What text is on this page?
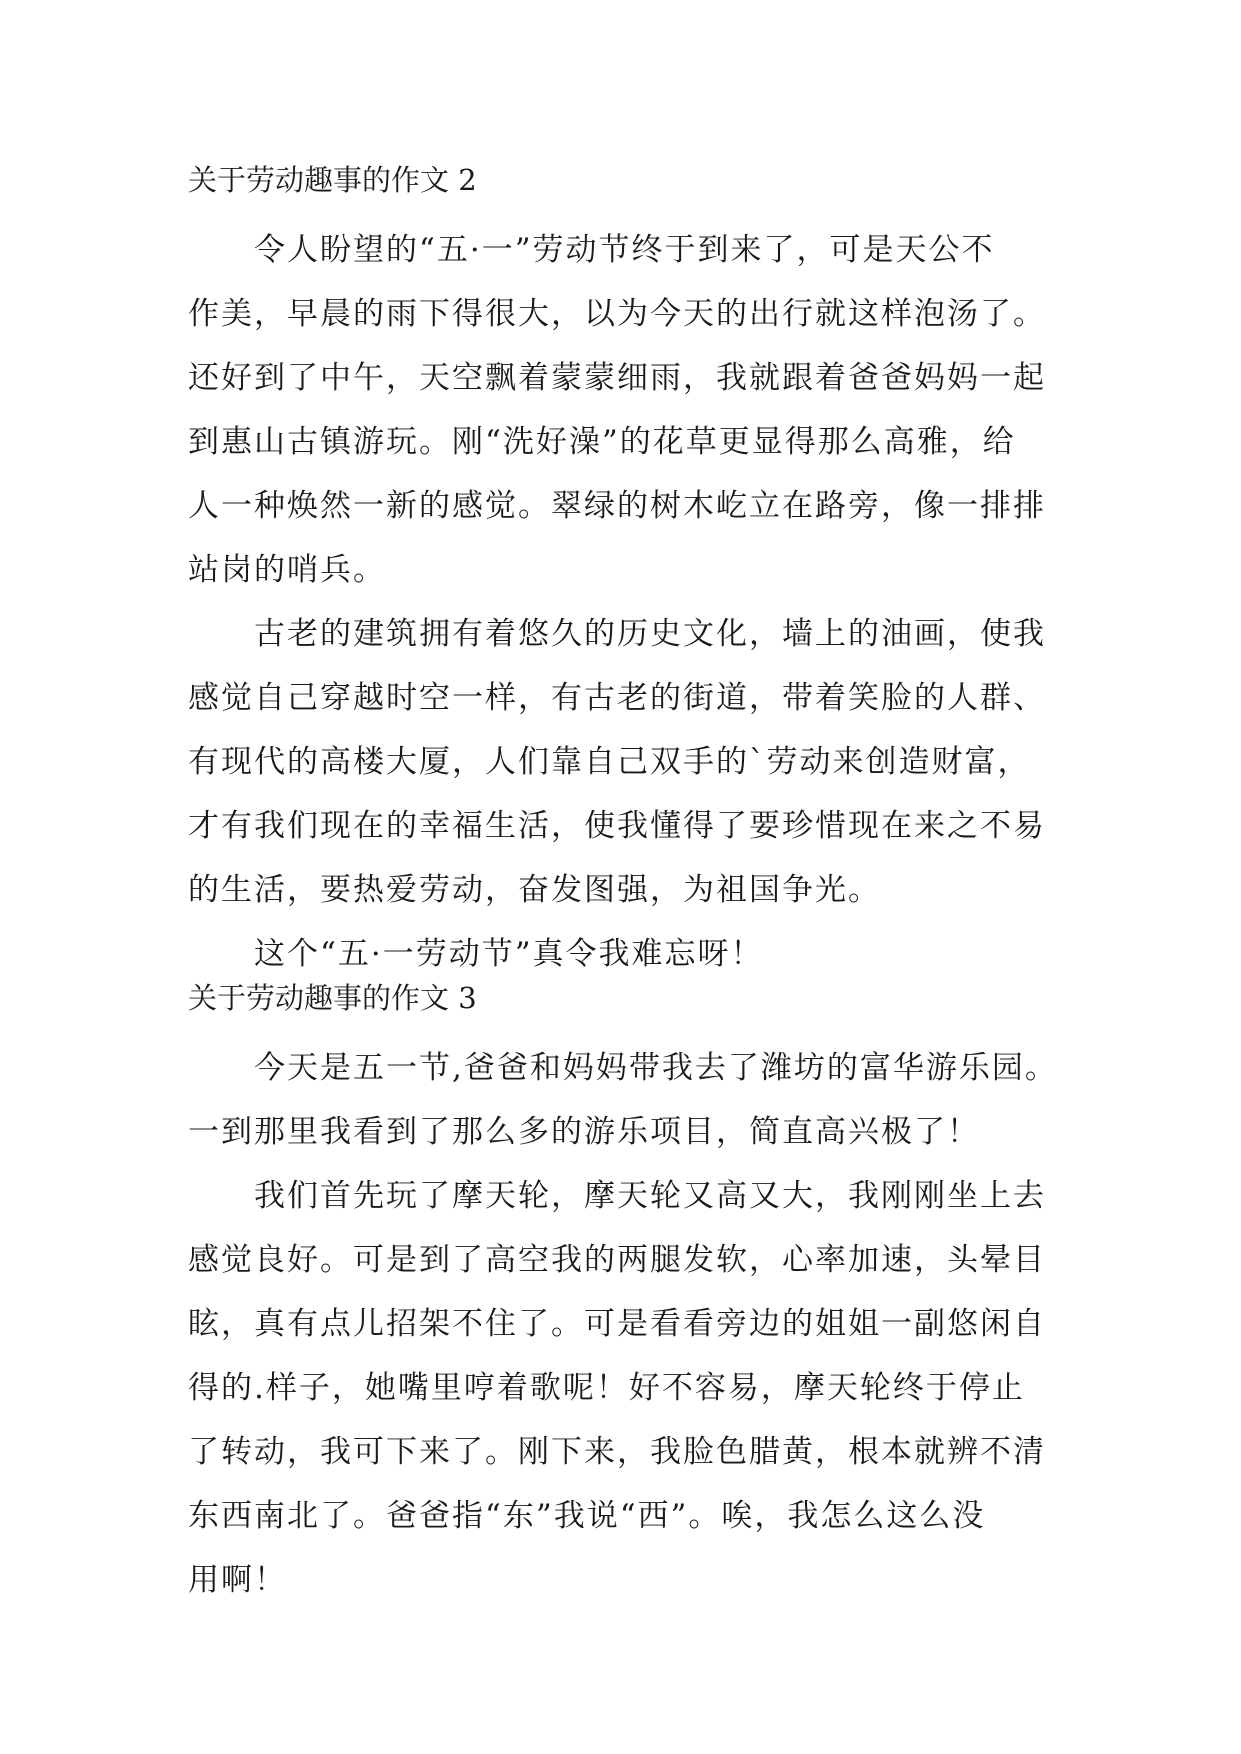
关于劳动趣事的作文 2

令人盼望的“五·一”劳动节终于到来了，可是天公不
作美，早晨的雨下得很大，以为今天的出行就这样泡汤了。
还好到了中午，天空飘着蒙蒙细雨，我就跟着爸爸妈妈一起
到惠山古镇游玩。刚“洗好澡”的花草更显得那么高雅，给
人一种焕然一新的感觉。翠绿的树木屹立在路旁，像一排排
站岗的哨兵。

古老的建筑拥有着悠久的历史文化，墙上的油画，使我
感觉自己穿越时空一样，有古老的街道，带着笑脸的人群、
有现代的高楼大厦，人们靠自己双手的`劳动来创造财富，
才有我们现在的幸福生活，使我懂得了要珍惜现在来之不易
的生活，要热爱劳动，奋发图强，为祖国争光。

这个“五·一劳动节”真令我难忘呀！

关于劳动趣事的作文 3

今天是五一节,爸爸和妈妈带我去了潍坊的富华游乐园。
一到那里我看到了那么多的游乐项目，简直高兴极了！

我们首先玩了摩天轮，摩天轮又高又大，我刚刚坐上去
感觉良好。可是到了高空我的两腿发软，心率加速，头晕目
眩，真有点儿招架不住了。可是看看旁边的姐姐一副悠闲自
得的.样子，她嘴里哼着歌呢！好不容易，摩天轮终于停止
了转动，我可下来了。刚下来，我脸色腊黄，根本就辨不清
东西南北了。爸爸指“东”我说“西”。唉，我怎么这么没
用啊！
